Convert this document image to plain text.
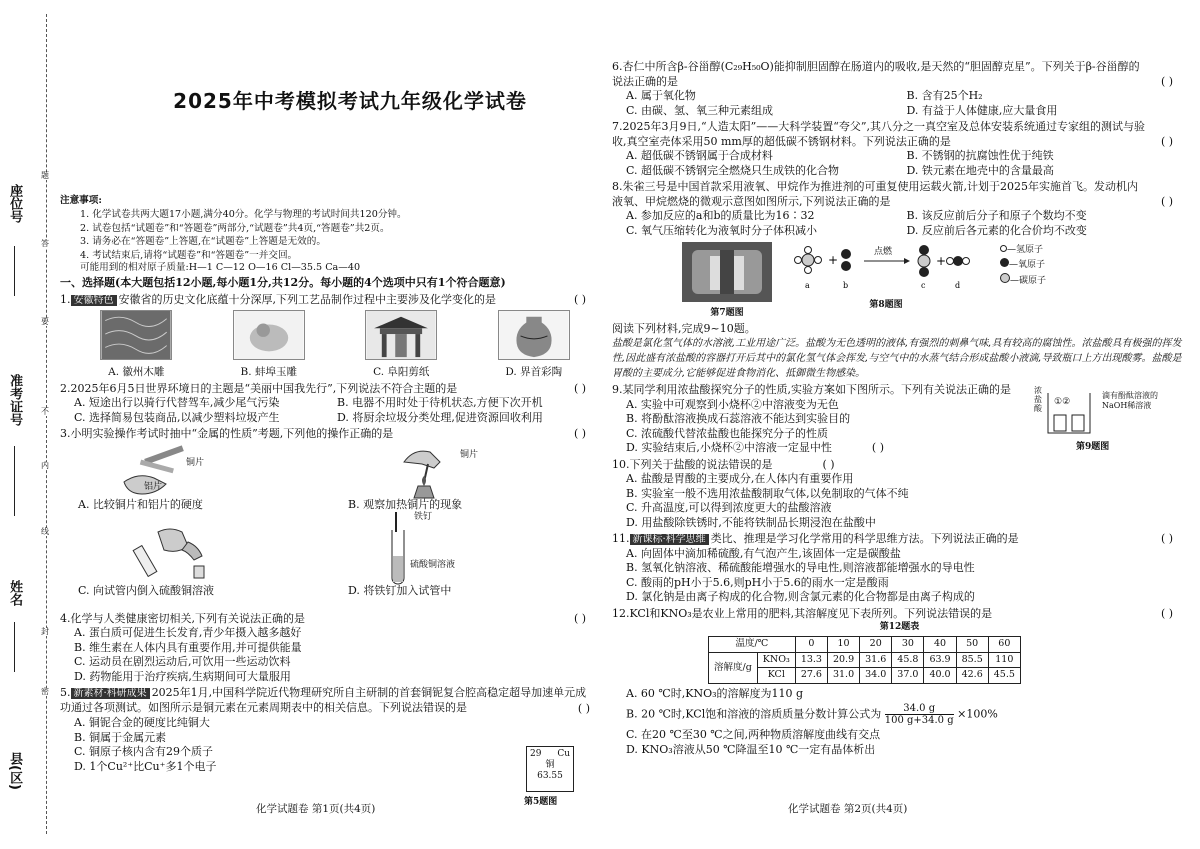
座位号
准考证号
姓名
县(区)
题
答
要
不
内
线
封
密
2025年中考模拟考试九年级化学试卷
注意事项:
1. 化学试卷共两大题17小题,满分40分。化学与物理的考试时间共120分钟。
2. 试卷包括“试题卷”和“答题卷”两部分,“试题卷”共4页,“答题卷”共2页。
3. 请务必在“答题卷”上答题,在“试题卷”上答题是无效的。
4. 考试结束后,请将“试题卷”和“答题卷”一并交回。
可能用到的相对原子质量:H—1 C—12 O—16 Cl—35.5 Ca—40
一、选择题(本大题包括12小题,每小题1分,共12分。每小题的4个选项中只有1个符合题意)
1. 安徽特色 安徽省的历史文化底蕴十分深厚,下列工艺品制作过程中主要涉及化学变化的是	( )
A. 徽州木雕	B. 蚌埠玉雕	C. 阜阳剪纸	D. 界首彩陶
2.2025年6月5日世界环境日的主题是“美丽中国我先行”,下列说法不符合主题的是	( )
A. 短途出行以骑行代替驾车,减少尾气污染	B. 电器不用时处于待机状态,方便下次开机
C. 选择简易包装商品,以减少塑料垃圾产生	D. 将厨余垃圾分类处理,促进资源回收利用
3.小明实验操作考试时抽中“金属的性质”考题,下列他的操作正确的是	( )
铜片
铝片
A. 比较铜片和铝片的硬度
铜片
B. 观察加热铜片的现象
C. 向试管内倒入硫酸铜溶液
铁钉
硫酸铜溶液
D. 将铁钉加入试管中
4.化学与人类健康密切相关,下列有关说法正确的是	( )
A. 蛋白质可促进生长发育,青少年摄入越多越好
B. 维生素在人体内具有重要作用,并可提供能量
C. 运动员在剧烈运动后,可饮用一些运动饮料
D. 药物能用于治疗疾病,生病期间可大量服用
5. 新素材·科研成果 2025年1月,中国科学院近代物理研究所自主研制的首套铜铌复合腔高稳定超导加速单元成功通过各项测试。如图所示是铜元素在元素周期表中的相关信息。下列说法错误的是	( )
A. 铜铌合金的硬度比纯铜大
B. 铜属于金属元素
C. 铜原子核内含有29个质子
D. 1个Cu²⁺比Cu⁺多1个电子
29 Cu
铜
63.55
第5题图
化学试题卷 第1页(共4页)
6.杏仁中所含β-谷甾醇(C₂₉H₅₀O)能抑制胆固醇在肠道内的吸收,是天然的“胆固醇克星”。下列关于β-谷甾醇的说法正确的是	( )
A. 属于氧化物	B. 含有25个H₂
C. 由碳、氢、氧三种元素组成	D. 有益于人体健康,应大量食用
7.2025年3月9日,“人造太阳”——大科学装置“夸父”,其八分之一真空室及总体安装系统通过专家组的测试与验收,真空室壳体采用50 mm厚的超低碳不锈钢材料。下列说法正确的是	( )
A. 超低碳不锈钢属于合成材料	B. 不锈钢的抗腐蚀性优于纯铁
C. 超低碳不锈钢完全燃烧只生成铁的化合物	D. 铁元素在地壳中的含量最高
8.朱雀三号是中国首款采用液氧、甲烷作为推进剂的可重复使用运载火箭,计划于2025年实施首飞。发动机内液氧、甲烷燃烧的微观示意图如图所示,下列说法正确的是	( )
A. 参加反应的a和b的质量比为16∶32	B. 该反应前后分子和原子个数均不变
C. 氧气压缩转化为液氧时分子体积减小	D. 反应前后各元素的化合价均不改变
第7题图
+	+
点燃
a	b	c	d
第8题图
—氢原子
—氧原子
—碳原子
阅读下列材料,完成9~10题。
盐酸是氯化氢气体的水溶液,工业用途广泛。盐酸为无色透明的液体,有强烈的刺鼻气味,具有较高的腐蚀性。浓盐酸具有极强的挥发性,因此盛有浓盐酸的容器打开后其中的氯化氢气体会挥发,与空气中的水蒸气结合形成盐酸小液滴,导致瓶口上方出现酸雾。盐酸是胃酸的主要成分,它能够促进食物消化、抵御微生物感染。
9.某同学利用浓盐酸探究分子的性质,实验方案如下图所示。下列有关说法正确的是
A. 实验中可观察到小烧杯②中溶液变为无色
B. 将酚酞溶液换成石蕊溶液不能达到实验目的
C. 浓硫酸代替浓盐酸也能探究分子的性质
D. 实验结束后,小烧杯②中溶液一定显中性	( )
浓盐酸
①②
滴有酚酞溶液的NaOH稀溶液
第9题图
10.下列关于盐酸的说法错误的是	( )
A. 盐酸是胃酸的主要成分,在人体内有重要作用
B. 实验室一般不选用浓盐酸制取气体,以免制取的气体不纯
C. 升高温度,可以得到浓度更大的盐酸溶液
D. 用盐酸除铁锈时,不能将铁制品长期浸泡在盐酸中
11. 新课标·科学思维 类比、推理是学习化学常用的科学思维方法。下列说法正确的是	( )
A. 向固体中滴加稀硫酸,有气泡产生,该固体一定是碳酸盐
B. 氢氧化钠溶液、稀硫酸能增强水的导电性,则溶液都能增强水的导电性
C. 酸雨的pH小于5.6,则pH小于5.6的雨水一定是酸雨
D. 氯化钠是由离子构成的化合物,则含氯元素的化合物都是由离子构成的
12.KCl和KNO₃是农业上常用的肥料,其溶解度见下表所列。下列说法错误的是	( )
第12题表
温度/℃		0	10	20	30	40	50	60
溶解度/g	KNO₃	13.3	20.9	31.6	45.8	63.9	85.5	110
	KCl	27.6	31.0	34.0	37.0	40.0	42.6	45.5
A. 60 ℃时,KNO₃的溶解度为110 g
B. 20 ℃时,KCl饱和溶液的溶质质量分数计算公式为 $\frac{34.0 g}{100 g+34.0 g} \times 100\%$
C. 在20 ℃至30 ℃之间,两种物质溶解度曲线有交点
D. KNO₃溶液从50 ℃降温至10 ℃一定有晶体析出
化学试题卷 第2页(共4页)
